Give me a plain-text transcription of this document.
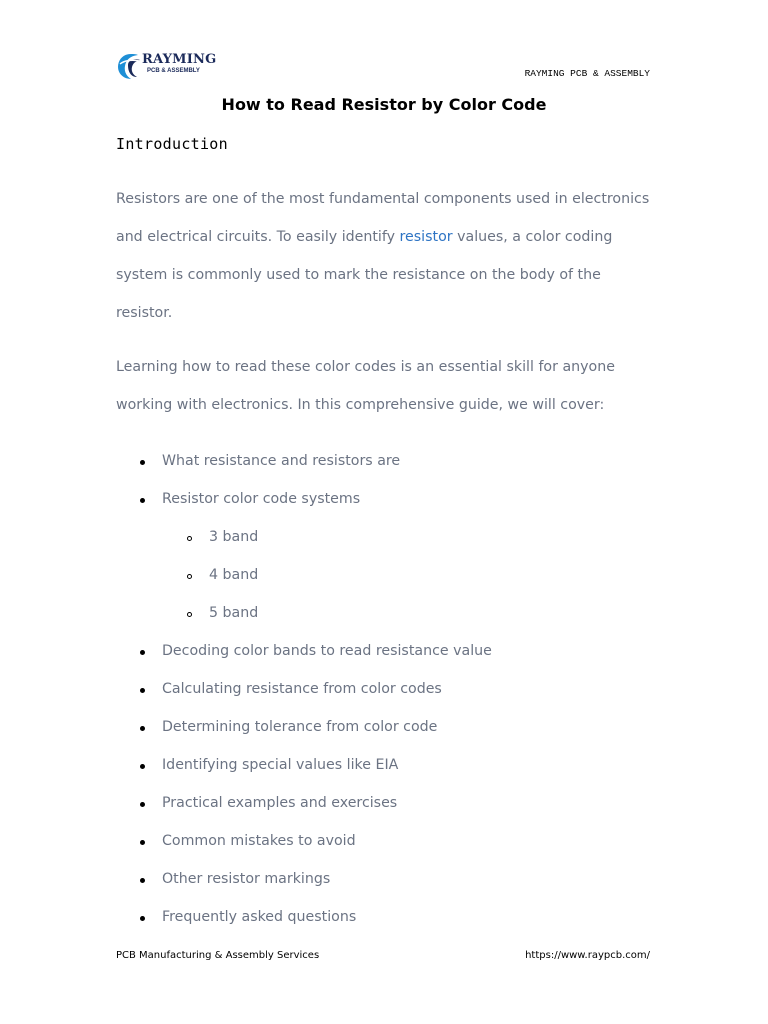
RAYMING
PCB & ASSEMBLY	RAYMING PCB & ASSEMBLY
How to Read Resistor by Color Code
Introduction

Resistors are one of the most fundamental components used in electronics and electrical circuits. To easily identify resistor values, a color coding system is commonly used to mark the resistance on the body of the resistor.

Learning how to read these color codes is an essential skill for anyone working with electronics. In this comprehensive guide, we will cover:

What resistance and resistors are
Resistor color code systems
3 band
4 band
5 band
Decoding color bands to read resistance value
Calculating resistance from color codes
Determining tolerance from color code
Identifying special values like EIA
Practical examples and exercises
Common mistakes to avoid
Other resistor markings
Frequently asked questions
PCB Manufacturing & Assembly Services	https://www.raypcb.com/
